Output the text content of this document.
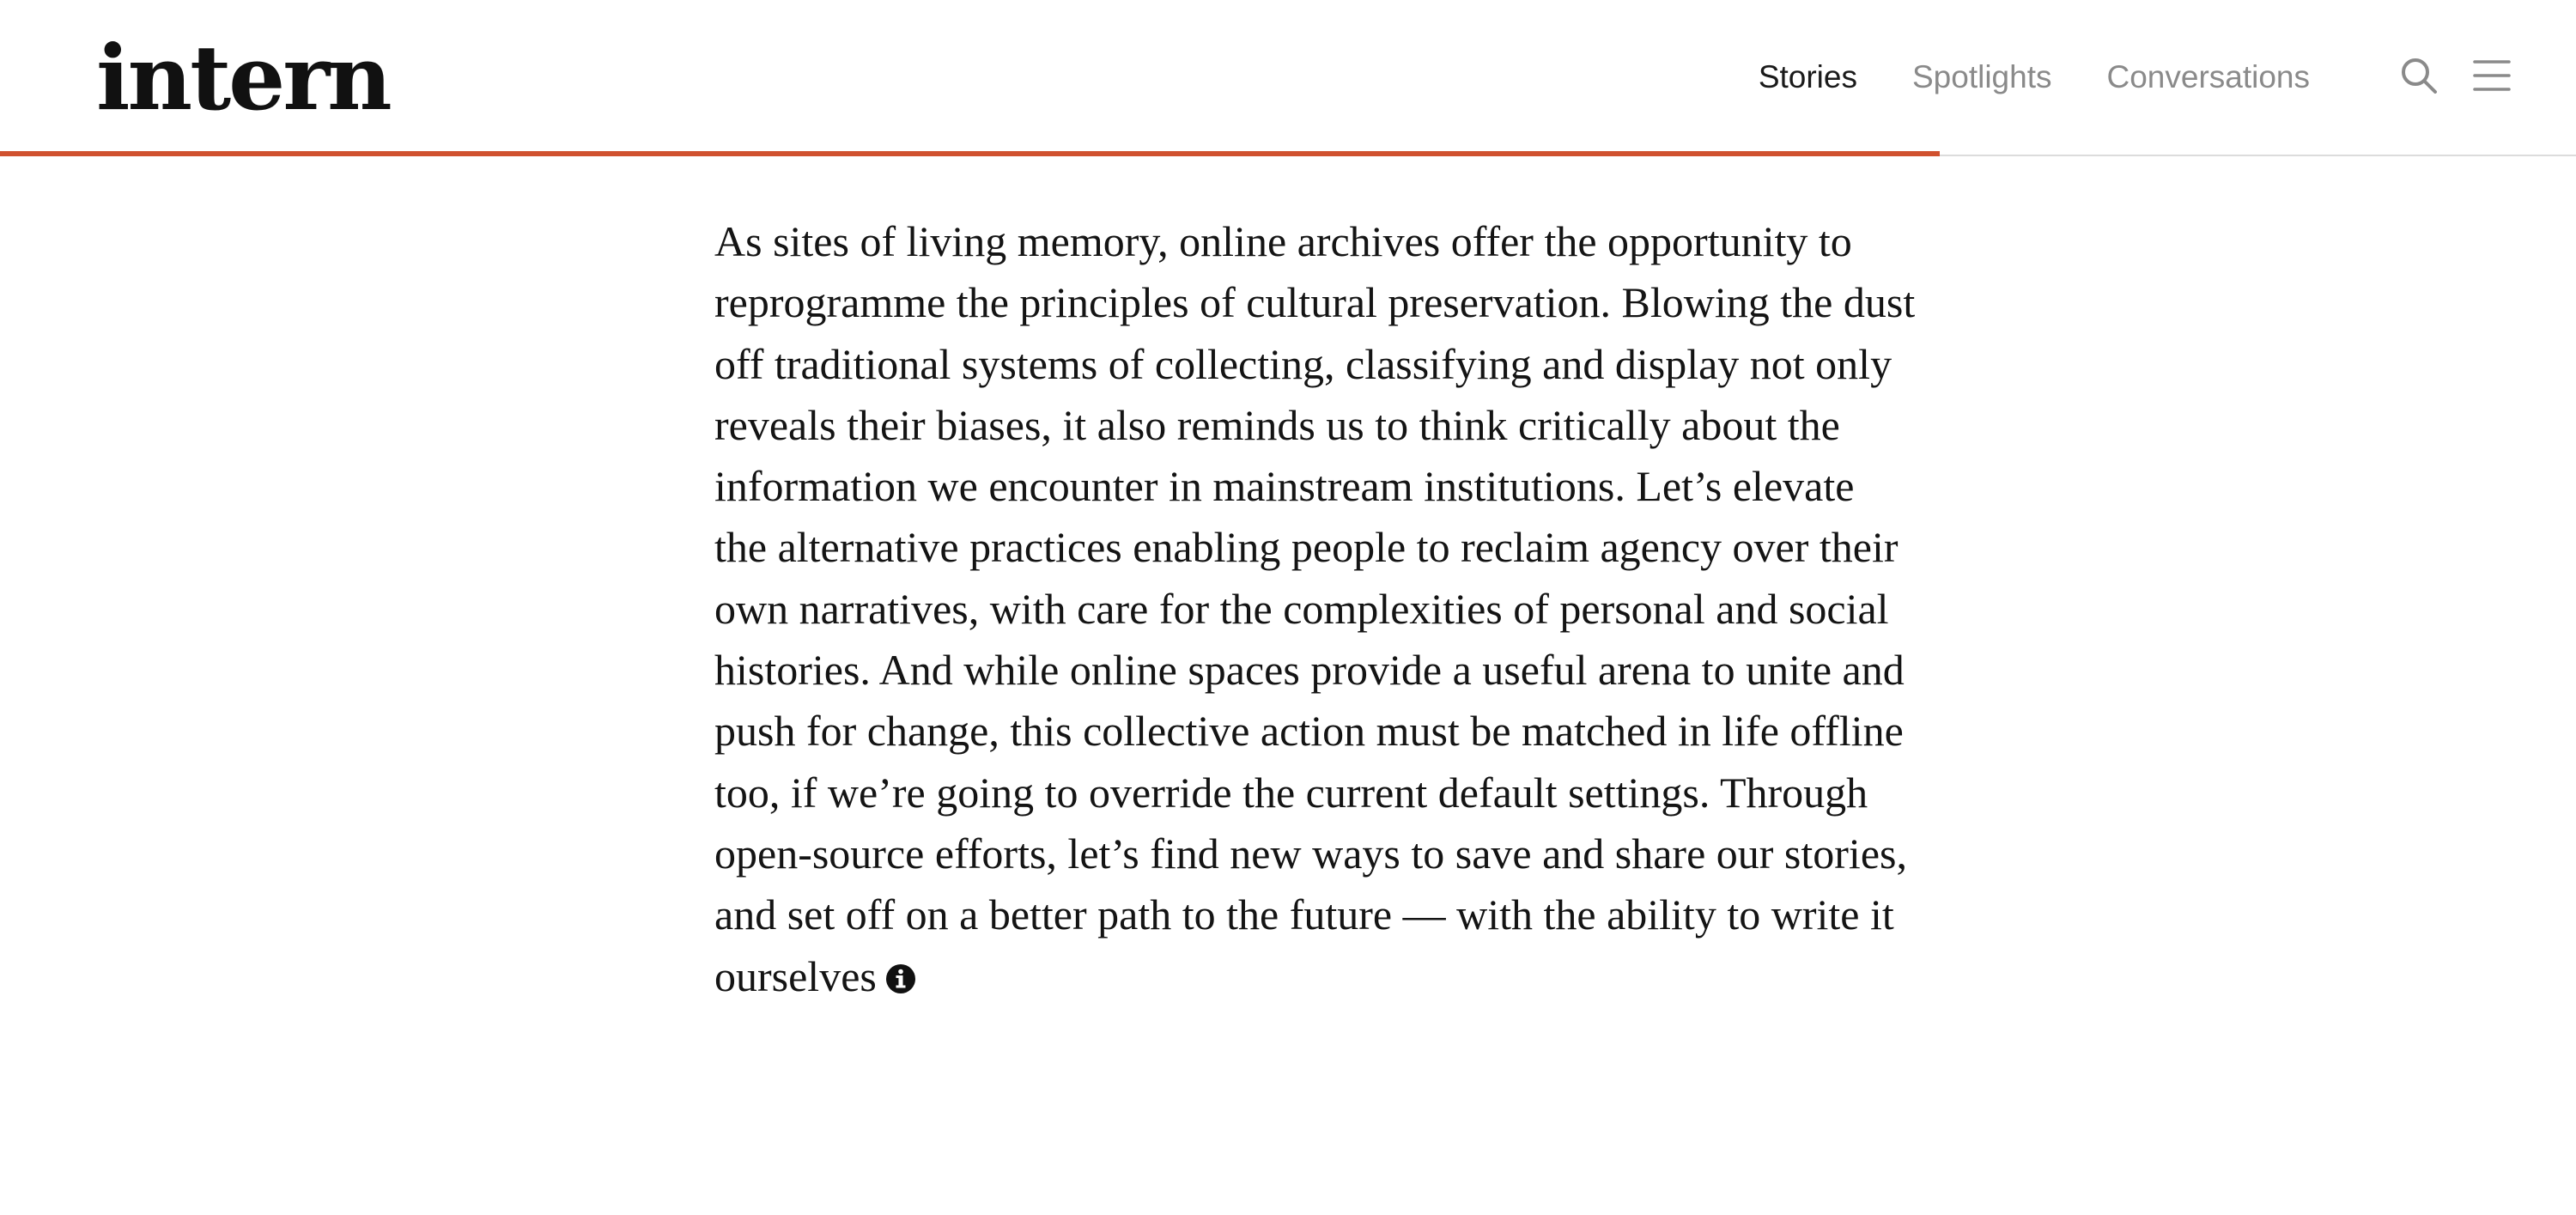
intern	Stories Spotlights Conversations

As sites of living memory, online archives offer the opportunity to reprogramme the principles of cultural preservation. Blowing the dust off traditional systems of collecting, classifying and display not only reveals their biases, it also reminds us to think critically about the information we encounter in mainstream institutions. Let’s elevate the alternative practices enabling people to reclaim agency over their own narratives, with care for the complexities of personal and social histories. And while online spaces provide a useful arena to unite and push for change, this collective action must be matched in life offline too, if we’re going to override the current default settings. Through open-source efforts, let’s find new ways to save and share our stories, and set off on a better path to the future — with the ability to write it ourselves
